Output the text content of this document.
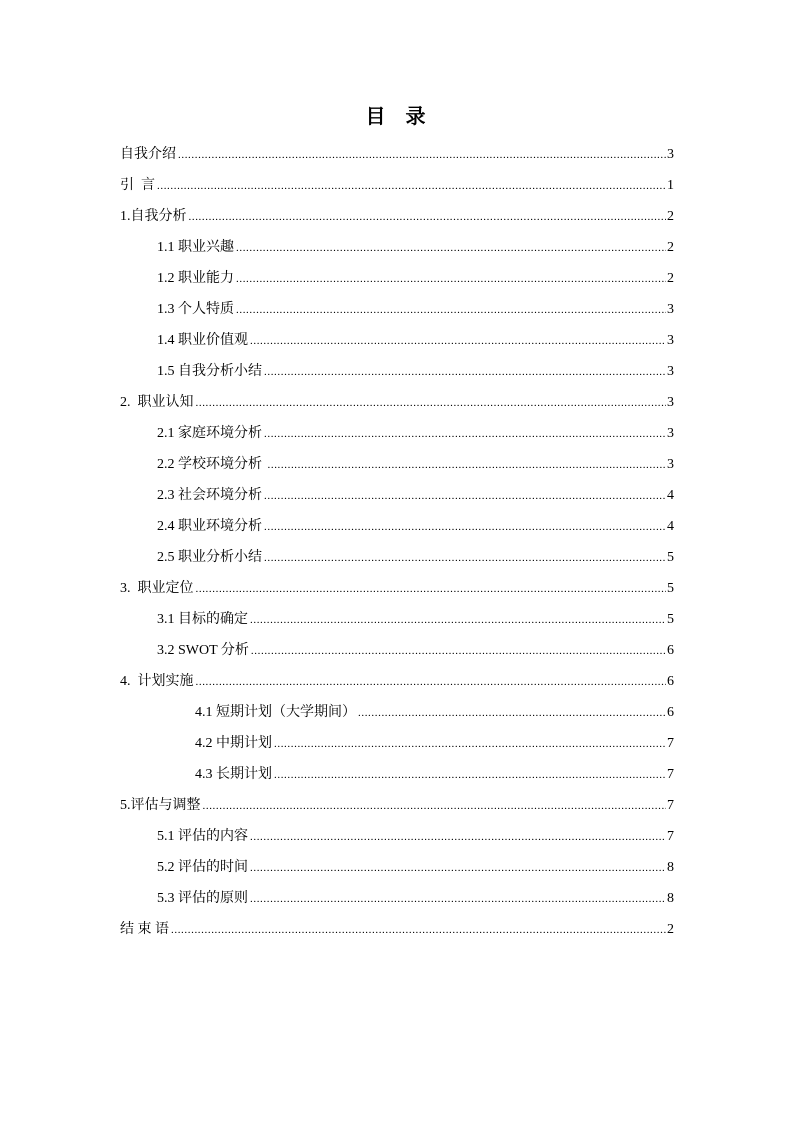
目  录
自我介绍 .....	3
引  言 .....	1
1.自我分析 .....	2
1.1 职业兴趣 .....	2
1.2 职业能力 .....	2
1.3 个人特质 .....	3
1.4 职业价值观 .....	3
1.5 自我分析小结 .....	3
2.  职业认知 .....	3
2.1 家庭环境分析 .....	3
2.2 学校环境分析 .....	3
2.3 社会环境分析 .....	4
2.4 职业环境分析 .....	4
2.5 职业分析小结 .....	5
3.  职业定位 .....	5
3.1 目标的确定 .....	5
3.2 SWOT 分析 .....	6
4.  计划实施 .....	6
4.1 短期计划（大学期间） .....	6
4.2 中期计划 .....	7
4.3 长期计划 .....	7
5.评估与调整 .....	7
5.1 评估的内容 .....	7
5.2 评估的时间 .....	8
5.3 评估的原则 .....	8
结 束 语 .....	2
